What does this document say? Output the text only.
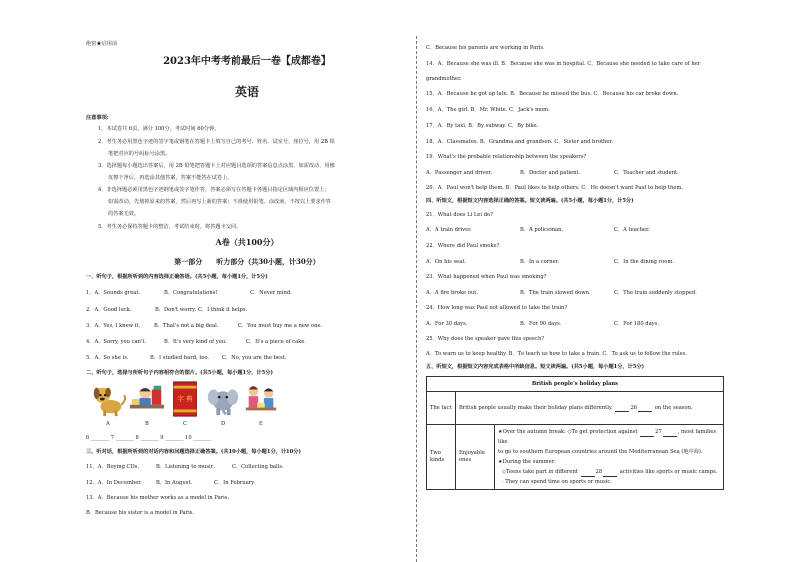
绝密★启用前
2023年中考考前最后一卷【成都卷】
英语
注意事项:
1．本试卷共 6页，满分 100分，考试时间 60分钟。
2．考生务必用黑色字迹的签字笔或钢笔在答题卡上填写自己的考号、姓名、试室号、座位号，用 2B 铅
笔把对应的号码标号涂黑。
3．选择题每小题选出答案后，用 2B 铅笔把答题卡上对应题目选项的答案信息点涂黑，如需改动，用橡
皮擦干净后，再选涂其他答案，答案不能答在试卷上。
4．非选择题必须用黑色字迹钢笔或签字笔作答，答案必须写在答题卡各题目指定区域内相应位置上；
如需改动，先划掉原来的答案，然后再写上新的答案；不准使用铅笔、涂改液，不按以上要求作答
的答案无效。
5．考生务必保持答题卡的整洁，考试结束时，将答题卡交回。
A卷（共100分）
第一部分　　听力部分（共30小题，计30分）
一、听句子，根据所听到的内容选择正确答语。(共5小题，每小题1分，计5分)
1．A．Sounds great.	B．Congratulations!	C．Never mind.
2．A．Good luck.	B．Don't worry. C．I think it helps.
3．A．Yes, I knew it.	B．That's not a big deal.	C．You must buy me a new one.
4．A．Sorry, you can't.	B．It's very kind of you.	C．It's a piece of cake.
5．A．So she is.	B．I studied hard, too. C．No, you are the best.
二、听句子，选择与所听句子内容相符合的图片。(共5小题，每小题1分，计5分)
字 典
A	B	C	D	E
6 _______ 7 _______ 8 _______ 9 _______ 10 _______
三、听对话，根据所听到的对话内容和问题选择正确答案。(共10小题，每小题1分，计10分)
11．A．Boying CDs.	B．Listening to music.	C．Collecting balls.
12．A．In December.	B．In August.	C．In February.
13．A．Because his mother works as a model in Paris.
B．Because his sister is a model in Paris.
C．Because his parents are working in Paris.
14．A．Because she was ill. B．Because she was in hospital. C．Because she needed to take care of her
grandmother.
15．A．Because he got up late. B．Because he missed the bus. C．Because his car broke down.
16．A．The girl. B．Mr. White. C．Jack's mom.
17．A．By taxi. B．By subway. C．By bike.
18．A．Classmates. B．Grandma and grandson. C．Sister and brother.
19．What's the probable relationship between the speakers?
A．Passenger and driver.	B．Doctor and patient.	C．Teacher and student.
20．A．Paul won't help them. B．Paul likes to help others. C．He doesn't want Paul to help them.
四、听短文，根据短文内容选择正确的答案。短文读两遍。(共5小题，每小题1分，计5分)
21．What does Li Lei do?
A．A train driver.	B．A policeman.	C．A teacher.
22．Where did Paul smoke?
A．On his seat.	B．In a corner.	C．In the dining room.
23．What happened when Paul was smoking?
A．A fire broke out.	B．The train slowed down.	C．The train suddenly stopped.
24．How long was Paul not allowed to take the train?
A．For 30 days.	B．For 90 days.	C．For 180 days.
25．Why does the speaker gave this speech?
A．To warn us to keep healthy. B．To teach us how to take a train. C．To ask us to follow the rules.
五、听短文，根据短文内容完成表格中所缺信息。短文读两遍。(共5小题，每小题1分，计5分)
British people's holiday plans		
The fact	British people usually make their holiday plans differently. 26 on the season.	
Two kinds	Enjoyable ones	★Over the autumn break: ◇To get protection against 27 , most families like
to go to southern European countries around the Mediterranean Sea (地中海).
★During the summer:
◇Teens take part in different 28 activities like sports or music camps.
· They can spend time on sports or music.
